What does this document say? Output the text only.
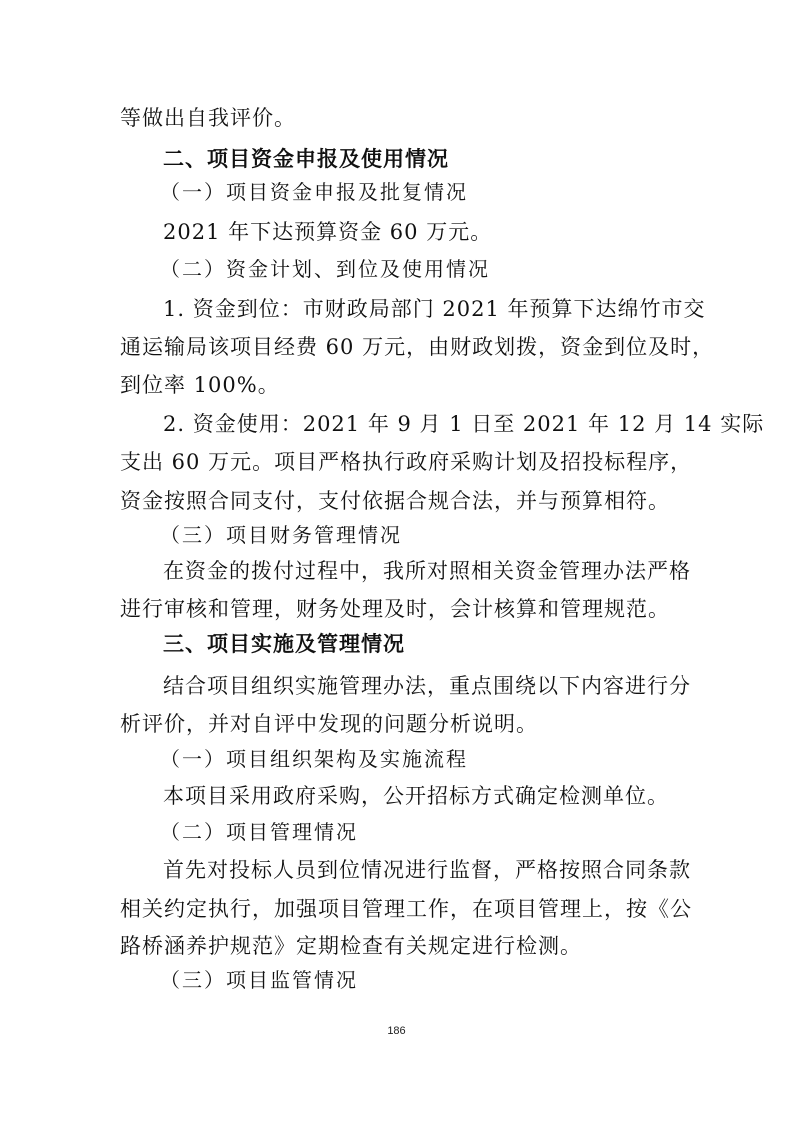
等做出自我评价。
二、项目资金申报及使用情况
（一）项目资金申报及批复情况
2021 年下达预算资金 60 万元。
（二）资金计划、到位及使用情况
1. 资金到位：市财政局部门 2021 年预算下达绵竹市交
通运输局该项目经费 60 万元，由财政划拨，资金到位及时，
到位率 100%。
2. 资金使用：2021 年 9 月 1 日至 2021 年 12 月 14 实际
支出 60 万元。项目严格执行政府采购计划及招投标程序，
资金按照合同支付，支付依据合规合法，并与预算相符。
（三）项目财务管理情况
在资金的拨付过程中，我所对照相关资金管理办法严格
进行审核和管理，财务处理及时，会计核算和管理规范。
三、项目实施及管理情况
结合项目组织实施管理办法，重点围绕以下内容进行分
析评价，并对自评中发现的问题分析说明。
（一）项目组织架构及实施流程
本项目采用政府采购，公开招标方式确定检测单位。
（二）项目管理情况
首先对投标人员到位情况进行监督，严格按照合同条款
相关约定执行，加强项目管理工作，在项目管理上，按《公
路桥涵养护规范》定期检查有关规定进行检测。
（三）项目监管情况
186
